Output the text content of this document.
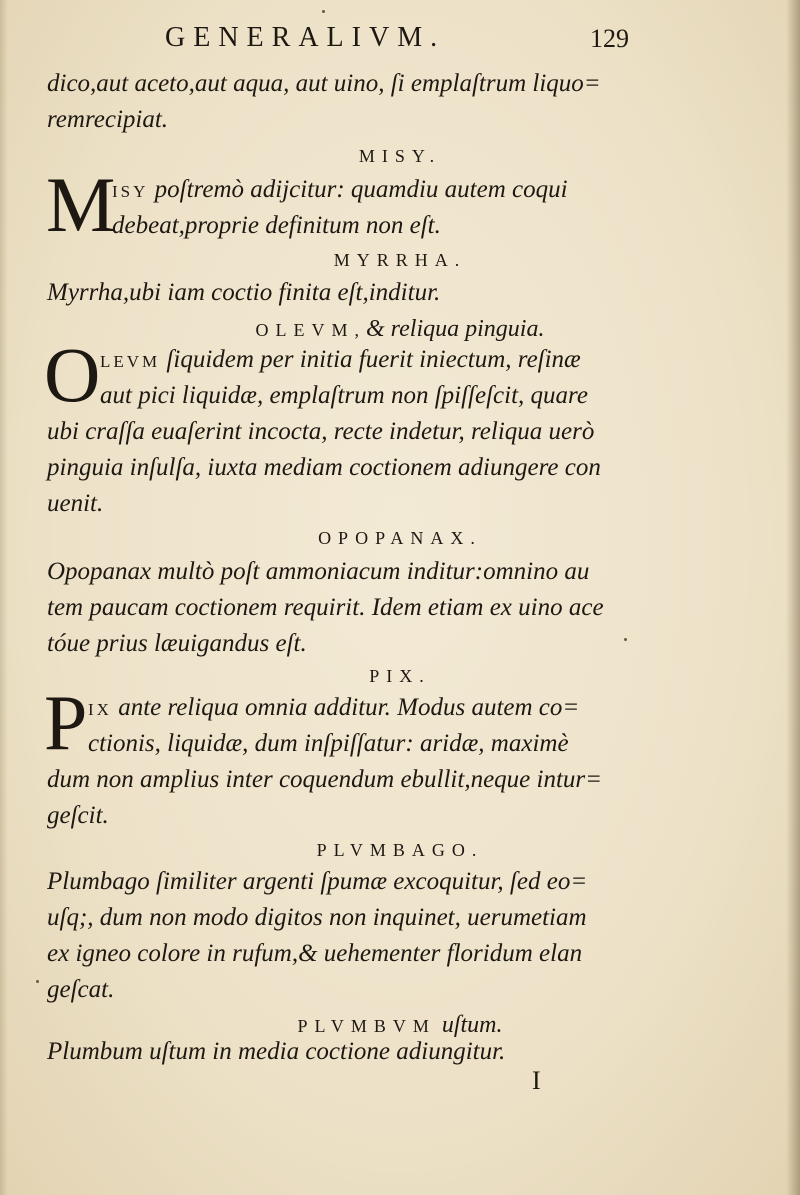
GENERALIVM.	129
dico,aut aceto,aut aqua, aut uino, ſi emplaſtrum liquo=
remrecipiat.
MISY.
M
ISY poſtremò adijcitur: quamdiu autem coqui
debeat,proprie definitum non eſt.
MYRRHA.
Myrrha,ubi iam coctio finita eſt,inditur.
OLEVM,& reliqua pinguia.
O LEVM ſiquidem per initia fuerit iniectum, reſinæ
aut pici liquidæ, emplaſtrum non ſpiſſeſcit, quare
ubi craſſa euaſerint incocta, recte indetur, reliqua uerò
pinguia inſulſa, iuxta mediam coctionem adiungere con
uenit.
OPOPANAX.
Opopanax multò poſt ammoniacum inditur:omnino au
tem paucam coctionem requirit. Idem etiam ex uino ace
tóue prius læuigandus eſt.
PIX.
P IX ante reliqua omnia additur. Modus autem co=
ctionis, liquidæ, dum inſpiſſatur: aridæ, maximè
dum non amplius inter coquendum ebullit,neque intur=
geſcit.
PLVMBAGO.
Plumbago ſimiliter argenti ſpumæ excoquitur, ſed eo=
uſq;, dum non modo digitos non inquinet, uerumetiam
ex igneo colore in rufum,& uehementer floridum elan
geſcat.
PLVMBVM uſtum.
Plumbum uſtum in media coctione adiungitur.
I
